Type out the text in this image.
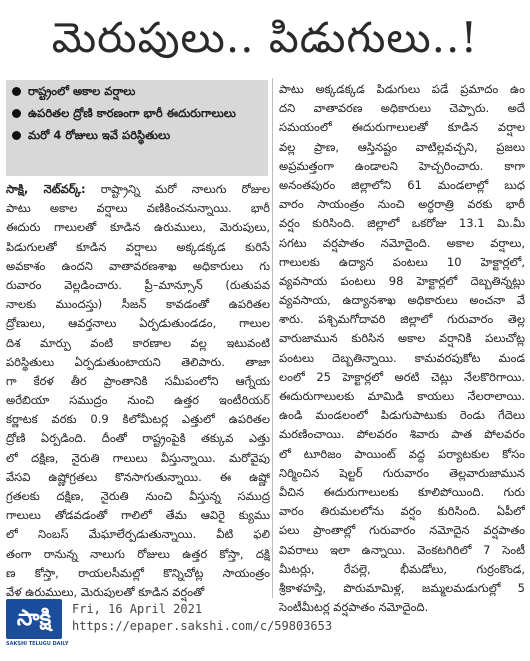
మెరుపులు.. పిడుగులు..!
రాష్ట్రంలో అకాల వర్షాలు
ఉపరితల ద్రోణి కారణంగా భారీ ఈదురుగాలులు
మరో 4 రోజులు ఇవే పరిస్థితులు
సాక్షి, నెట్‌వర్క్: రాష్ట్రాన్ని మరో నాలుగు రోజుల
పాటు అకాల వర్షాలు వణికించనున్నాయి. భారీ
ఈదురు గాలులతో కూడిన ఉరుములు, మెరుపులు,
పిడుగులతో కూడిన వర్షాలు అక్కడక్కడ కురిసే
అవకాశం ఉందని వాతావరణశాఖ అధికారులు గు
రువారం వెల్లడించారు. ప్రీ–మాన్సూన్ (రుతుపవ
నాలకు ముందస్తు) సీజన్ కావడంతో ఉపరితల
ద్రోణులు, ఆవర్తనాలు ఏర్పడుతుండడం, గాలుల
దిశ మార్పు వంటి కారణాల వల్ల ఇటువంటి
పరిస్థితులు ఏర్పడుతుంటాయని తెలిపారు. తాజా
గా కేరళ తీర ప్రాంతానికి సమీపంలోని ఆగ్నేయ
అరేబియా సముద్రం నుంచి ఉత్తర ఇంటీరియర్
కర్ణాటక వరకు 0.9 కిలోమీటర్ల ఎత్తులో ఉపరితల
ద్రోణి ఏర్పడింది. దీంతో రాష్ట్రంపైకి తక్కువ ఎత్తు
లో దక్షిణ, నైరుతి గాలులు వీస్తున్నాయి. మరోవైపు
వేసవి ఉష్ణోగ్రతలు కొనసాగుతున్నాయి. ఈ ఉష్ణో
గ్రతలకు దక్షిణ, నైరుతి నుంచి వీస్తున్న సముద్ర
గాలులు తోడవడంతో గాలిలో తేమ ఆవిరై క్యుము
లో నింబస్ మేఘాలేర్పడుతున్నాయి. వీటి ఫలి
తంగా రానున్న నాలుగు రోజులు ఉత్తర కోస్తా, దక్షి
ణ కోస్తా, రాయలసీమల్లో కొన్నిచోట్ల సాయంత్రం
వేళ ఉరుములు, మెరుపులతో కూడిన వర్షంతో
పాటు అక్కడక్కడ పిడుగులు పడే ప్రమాదం ఉం
దని వాతావరణ అధికారులు చెప్పారు. అదే
సమయంలో ఈదురుగాలులతో కూడిన వర్షాల
వల్ల ప్రాణ, ఆస్తినష్టం వాటిల్లవచ్చని, ప్రజలు
అప్రమత్తంగా ఉండాలని హెచ్చరించారు. కాగా
అనంతపురం జిల్లాలోని 61 మండలాల్లో బుధ
వారం సాయంత్రం నుంచి అర్ధరాత్రి వరకు భారీ
వర్షం కురిసింది. జిల్లాలో ఒకరోజు 13.1 మి.మీ
సగటు వర్షపాతం నమోదైంది. అకాల వర్షాలు,
గాలులకు ఉద్యాన పంటలు 10 హెక్టార్లలో,
వ్యవసాయ పంటలు 98 హెక్టార్లలో దెబ్బతిన్నట్లు
వ్యవసాయ, ఉద్యానశాఖ అధికారులు అంచనా వే
శారు. పశ్చిమగోదావరి జిల్లాలో గురువారం తెల్ల
వారుజామున కురిసిన అకాల వర్షానికి పలుచోట్ల
పంటలు దెబ్బతిన్నాయి. కామవరపుకోట మండ
లంలో 25 హెక్టార్లలో అరటి చెట్లు నేలకొరిగాయి.
ఈదురుగాలులకు మామిడి కాయలు నేలరాలాయి.
ఉండి మండలంలో పిడుగుపాటుకు రెండు గేదెలు
మరణించాయి. పోలవరం శివారు పాత పోలవరం
లో టూరిజం పాయింట్ వద్ద పర్యాటకుల కోసం
నిర్మించిన షెల్టర్ గురువారం తెల్లవారుజామున
వీచిన ఈదురుగాలులకు కూలిపోయింది. గురు
వారం తిరుమలలోను వర్షం కురిసింది. ఏపీలో
పలు ప్రాంతాల్లో గురువారం నమోదైన వర్షపాతం
వివరాలు ఇలా ఉన్నాయి. వెంకటగిరిలో 7 సెంటీ
మీటర్లు, రేపల్లె, భీమడోలు, గుర్రంకొండ,
శ్రీకాళహస్తి, పొరుమామిళ్ల, జమ్మలమడుగుల్లో 5
సెంటీమీటర్ల వర్షపాతం నమోదైంది.
సాక్షి
SAKSHI TELUGU DAILY
Fri, 16 April 2021
https://epaper.sakshi.com/c/59803653
